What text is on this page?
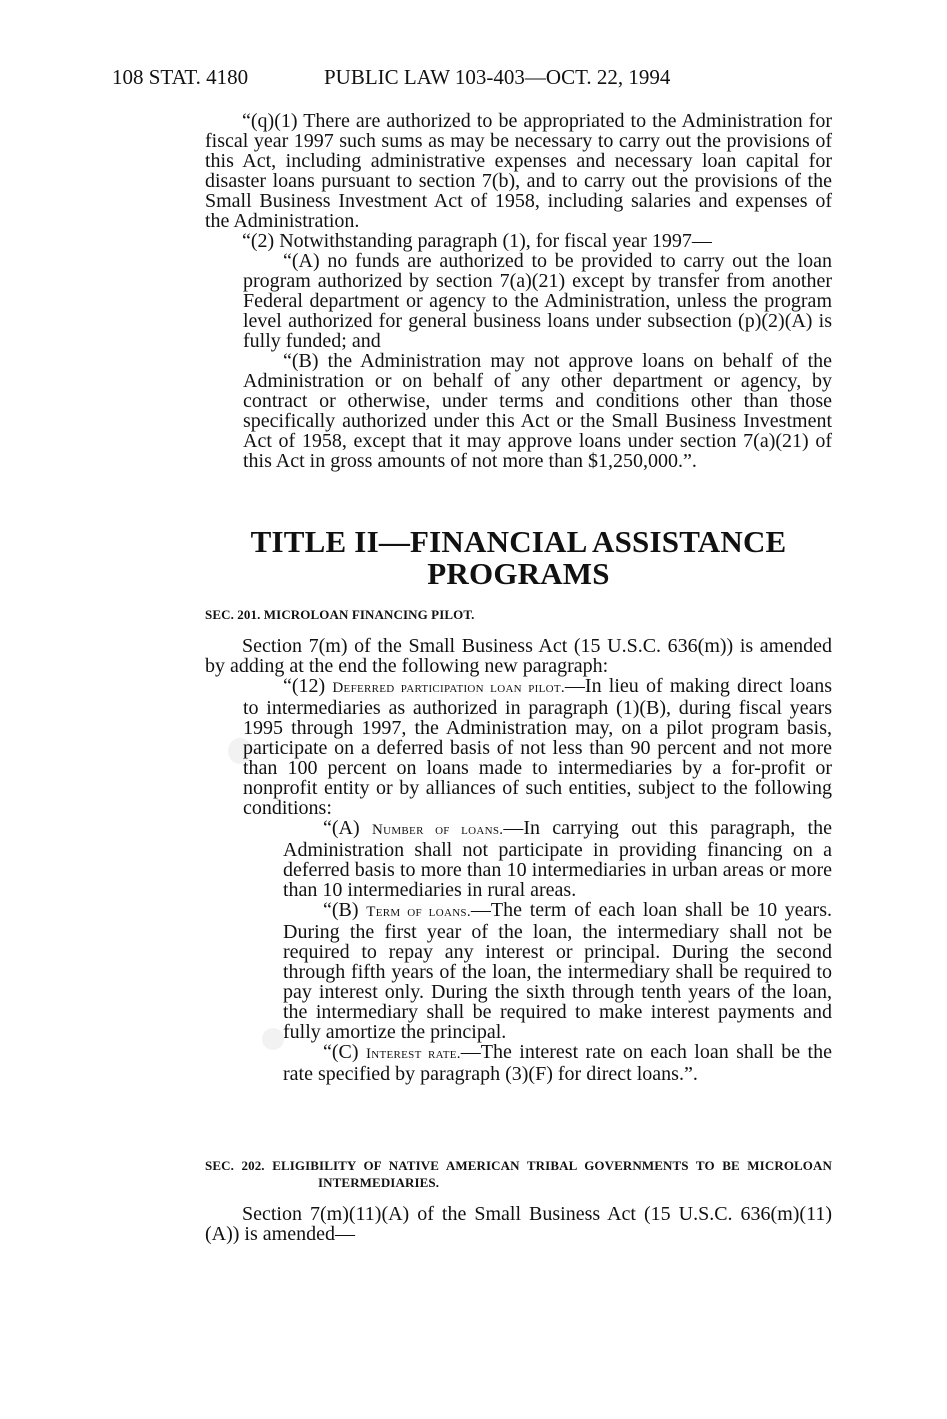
108 STAT. 4180	PUBLIC LAW 103-403—OCT. 22, 1994

“(q)(1) There are authorized to be appropriated to the Administration for fiscal year 1997 such sums as may be necessary to carry out the provisions of this Act, including administrative expenses and necessary loan capital for disaster loans pursuant to section 7(b), and to carry out the provisions of the Small Business Investment Act of 1958, including salaries and expenses of the Administration.

“(2) Notwithstanding paragraph (1), for fiscal year 1997—

“(A) no funds are authorized to be provided to carry out the loan program authorized by section 7(a)(21) except by transfer from another Federal department or agency to the Administration, unless the program level authorized for general business loans under subsection (p)(2)(A) is fully funded; and

“(B) the Administration may not approve loans on behalf of the Administration or on behalf of any other department or agency, by contract or otherwise, under terms and conditions other than those specifically authorized under this Act or the Small Business Investment Act of 1958, except that it may approve loans under section 7(a)(21) of this Act in gross amounts of not more than $1,250,000.”.

TITLE II—FINANCIAL ASSISTANCE
PROGRAMS

SEC. 201. MICROLOAN FINANCING PILOT.

Section 7(m) of the Small Business Act (15 U.S.C. 636(m)) is amended by adding at the end the following new paragraph:

“(12) Deferred participation loan pilot.—In lieu of making direct loans to intermediaries as authorized in paragraph (1)(B), during fiscal years 1995 through 1997, the Administration may, on a pilot program basis, participate on a deferred basis of not less than 90 percent and not more than 100 percent on loans made to intermediaries by a for-profit or nonprofit entity or by alliances of such entities, subject to the following conditions:

“(A) Number of loans.—In carrying out this paragraph, the Administration shall not participate in providing financing on a deferred basis to more than 10 intermediaries in urban areas or more than 10 intermediaries in rural areas.

“(B) Term of loans.—The term of each loan shall be 10 years. During the first year of the loan, the intermediary shall not be required to repay any interest or principal. During the second through fifth years of the loan, the intermediary shall be required to pay interest only. During the sixth through tenth years of the loan, the intermediary shall be required to make interest payments and fully amortize the principal.

“(C) Interest rate.—The interest rate on each loan shall be the rate specified by paragraph (3)(F) for direct loans.”.

SEC. 202. ELIGIBILITY OF NATIVE AMERICAN TRIBAL GOVERNMENTS TO BE MICROLOAN INTERMEDIARIES.

Section 7(m)(11)(A) of the Small Business Act (15 U.S.C. 636(m)(11)(A)) is amended—
